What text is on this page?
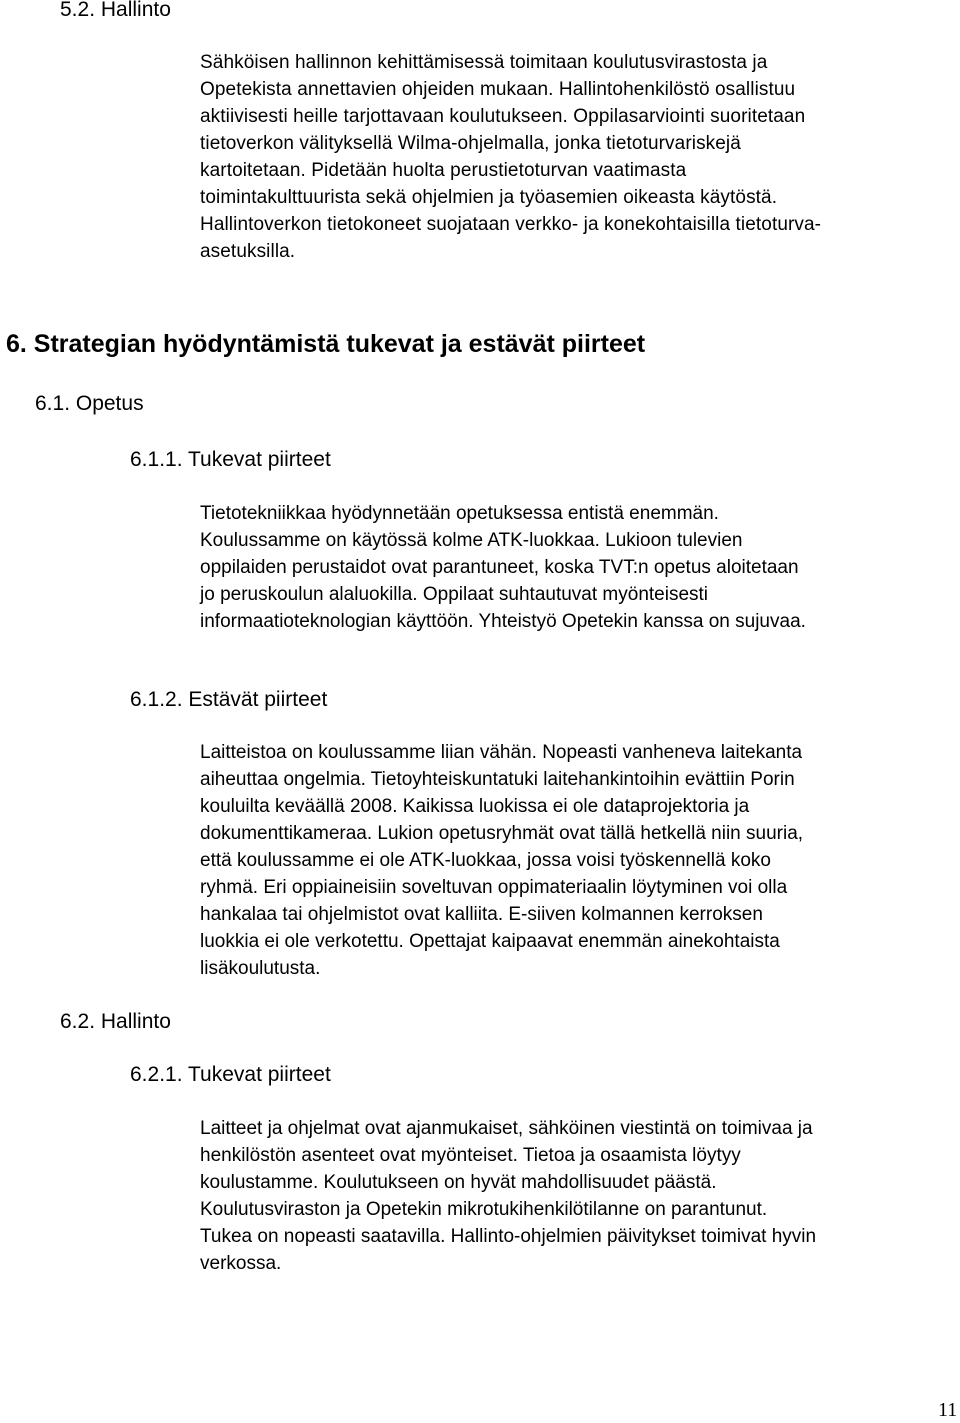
5.2. Hallinto
Sähköisen hallinnon kehittämisessä toimitaan koulutusvirastosta ja
Opetekista annettavien ohjeiden mukaan. Hallintohenkilöstö osallistuu
aktiivisesti heille tarjottavaan koulutukseen. Oppilasarviointi suoritetaan
tietoverkon välityksellä Wilma-ohjelmalla, jonka tietoturvariskejä
kartoitetaan. Pidetään huolta perustietoturvan vaatimasta
toimintakulttuurista sekä ohjelmien ja työasemien oikeasta käytöstä.
Hallintoverkon tietokoneet suojataan verkko- ja konekohtaisilla tietoturva-
asetuksilla.
6. Strategian hyödyntämistä tukevat ja estävät piirteet
6.1. Opetus
6.1.1. Tukevat piirteet
Tietotekniikkaa hyödynnetään opetuksessa entistä enemmän.
Koulussamme on käytössä kolme ATK-luokkaa. Lukioon tulevien
oppilaiden perustaidot ovat parantuneet, koska TVT:n opetus aloitetaan
jo peruskoulun alaluokilla. Oppilaat suhtautuvat myönteisesti
informaatioteknologian käyttöön. Yhteistyö Opetekin kanssa on sujuvaa.
6.1.2. Estävät piirteet
Laitteistoa on koulussamme liian vähän. Nopeasti vanheneva laitekanta
aiheuttaa ongelmia. Tietoyhteiskuntatuki laitehankintoihin evättiin Porin
kouluilta keväällä 2008. Kaikissa luokissa ei ole dataprojektoria ja
dokumenttikameraa. Lukion opetusryhmät ovat tällä hetkellä niin suuria,
että koulussamme ei ole ATK-luokkaa, jossa voisi työskennellä koko
ryhmä. Eri oppiaineisiin soveltuvan oppimateriaalin löytyminen voi olla
hankalaa tai ohjelmistot ovat kalliita. E-siiven kolmannen kerroksen
luokkia ei ole verkotettu. Opettajat kaipaavat enemmän ainekohtaista
lisäkoulutusta.
6.2. Hallinto
6.2.1. Tukevat piirteet
Laitteet ja ohjelmat ovat ajanmukaiset, sähköinen viestintä on toimivaa ja
henkilöstön asenteet ovat myönteiset. Tietoa ja osaamista löytyy
koulustamme. Koulutukseen on hyvät mahdollisuudet päästä.
Koulutusviraston ja Opetekin mikrotukihenkilötilanne on parantunut.
Tukea on nopeasti saatavilla. Hallinto-ohjelmien päivitykset toimivat hyvin
verkossa.
11
